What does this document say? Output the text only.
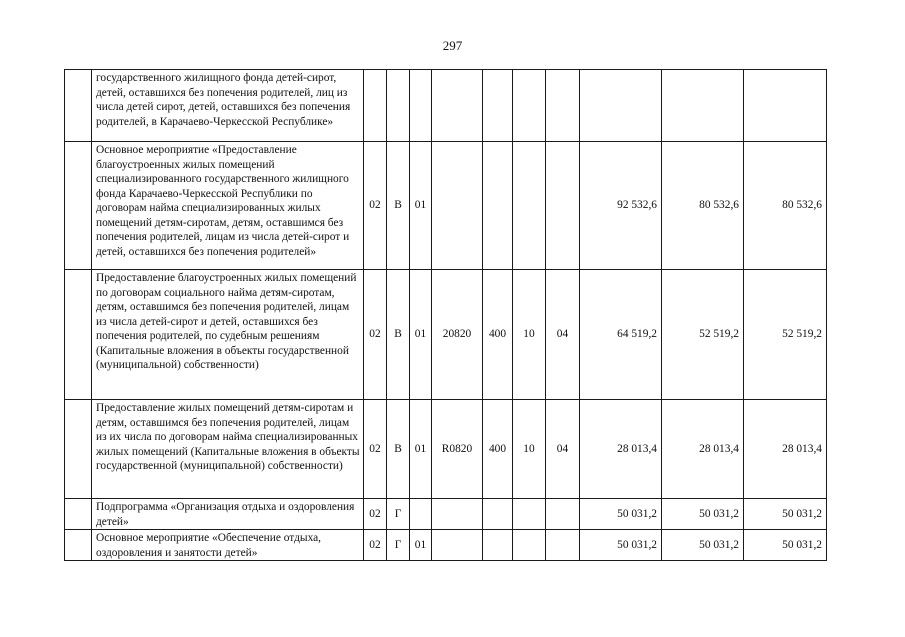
297
	государственного жилищного фонда детей-сирот, детей, оставшихся без попечения родителей, лиц из числа детей сирот, детей, оставшихся без попечения родителей, в Карачаево-Черкесской Республике»										
	Основное мероприятие «Предоставление благоустроенных жилых помещений специализированного государственного жилищного фонда Карачаево-Черкесской Республики по договорам найма специализированных жилых помещений детям-сиротам, детям, оставшимся без попечения родителей, лицам из числа детей-сирот и детей, оставшихся без попечения родителей»	02	В	01					92 532,6	80 532,6	80 532,6
	Предоставление благоустроенных жилых помещений по договорам социального найма детям-сиротам, детям, оставшимся без попечения родителей, лицам из числа детей-сирот и детей, оставшихся без попечения родителей, по судебным решениям (Капитальные вложения в объекты государственной (муниципальной) собственности)	02	В	01	20820	400	10	04	64 519,2	52 519,2	52 519,2
	Предоставление жилых помещений детям-сиротам и детям, оставшимся без попечения родителей, лицам из их числа по договорам найма специализированных жилых помещений (Капитальные вложения в объекты государственной (муниципальной) собственности)	02	В	01	R0820	400	10	04	28 013,4	28 013,4	28 013,4
	Подпрограмма «Организация отдыха и оздоровления детей»	02	Г						50 031,2	50 031,2	50 031,2
	Основное мероприятие «Обеспечение отдыха, оздоровления и занятости детей»	02	Г	01					50 031,2	50 031,2	50 031,2
